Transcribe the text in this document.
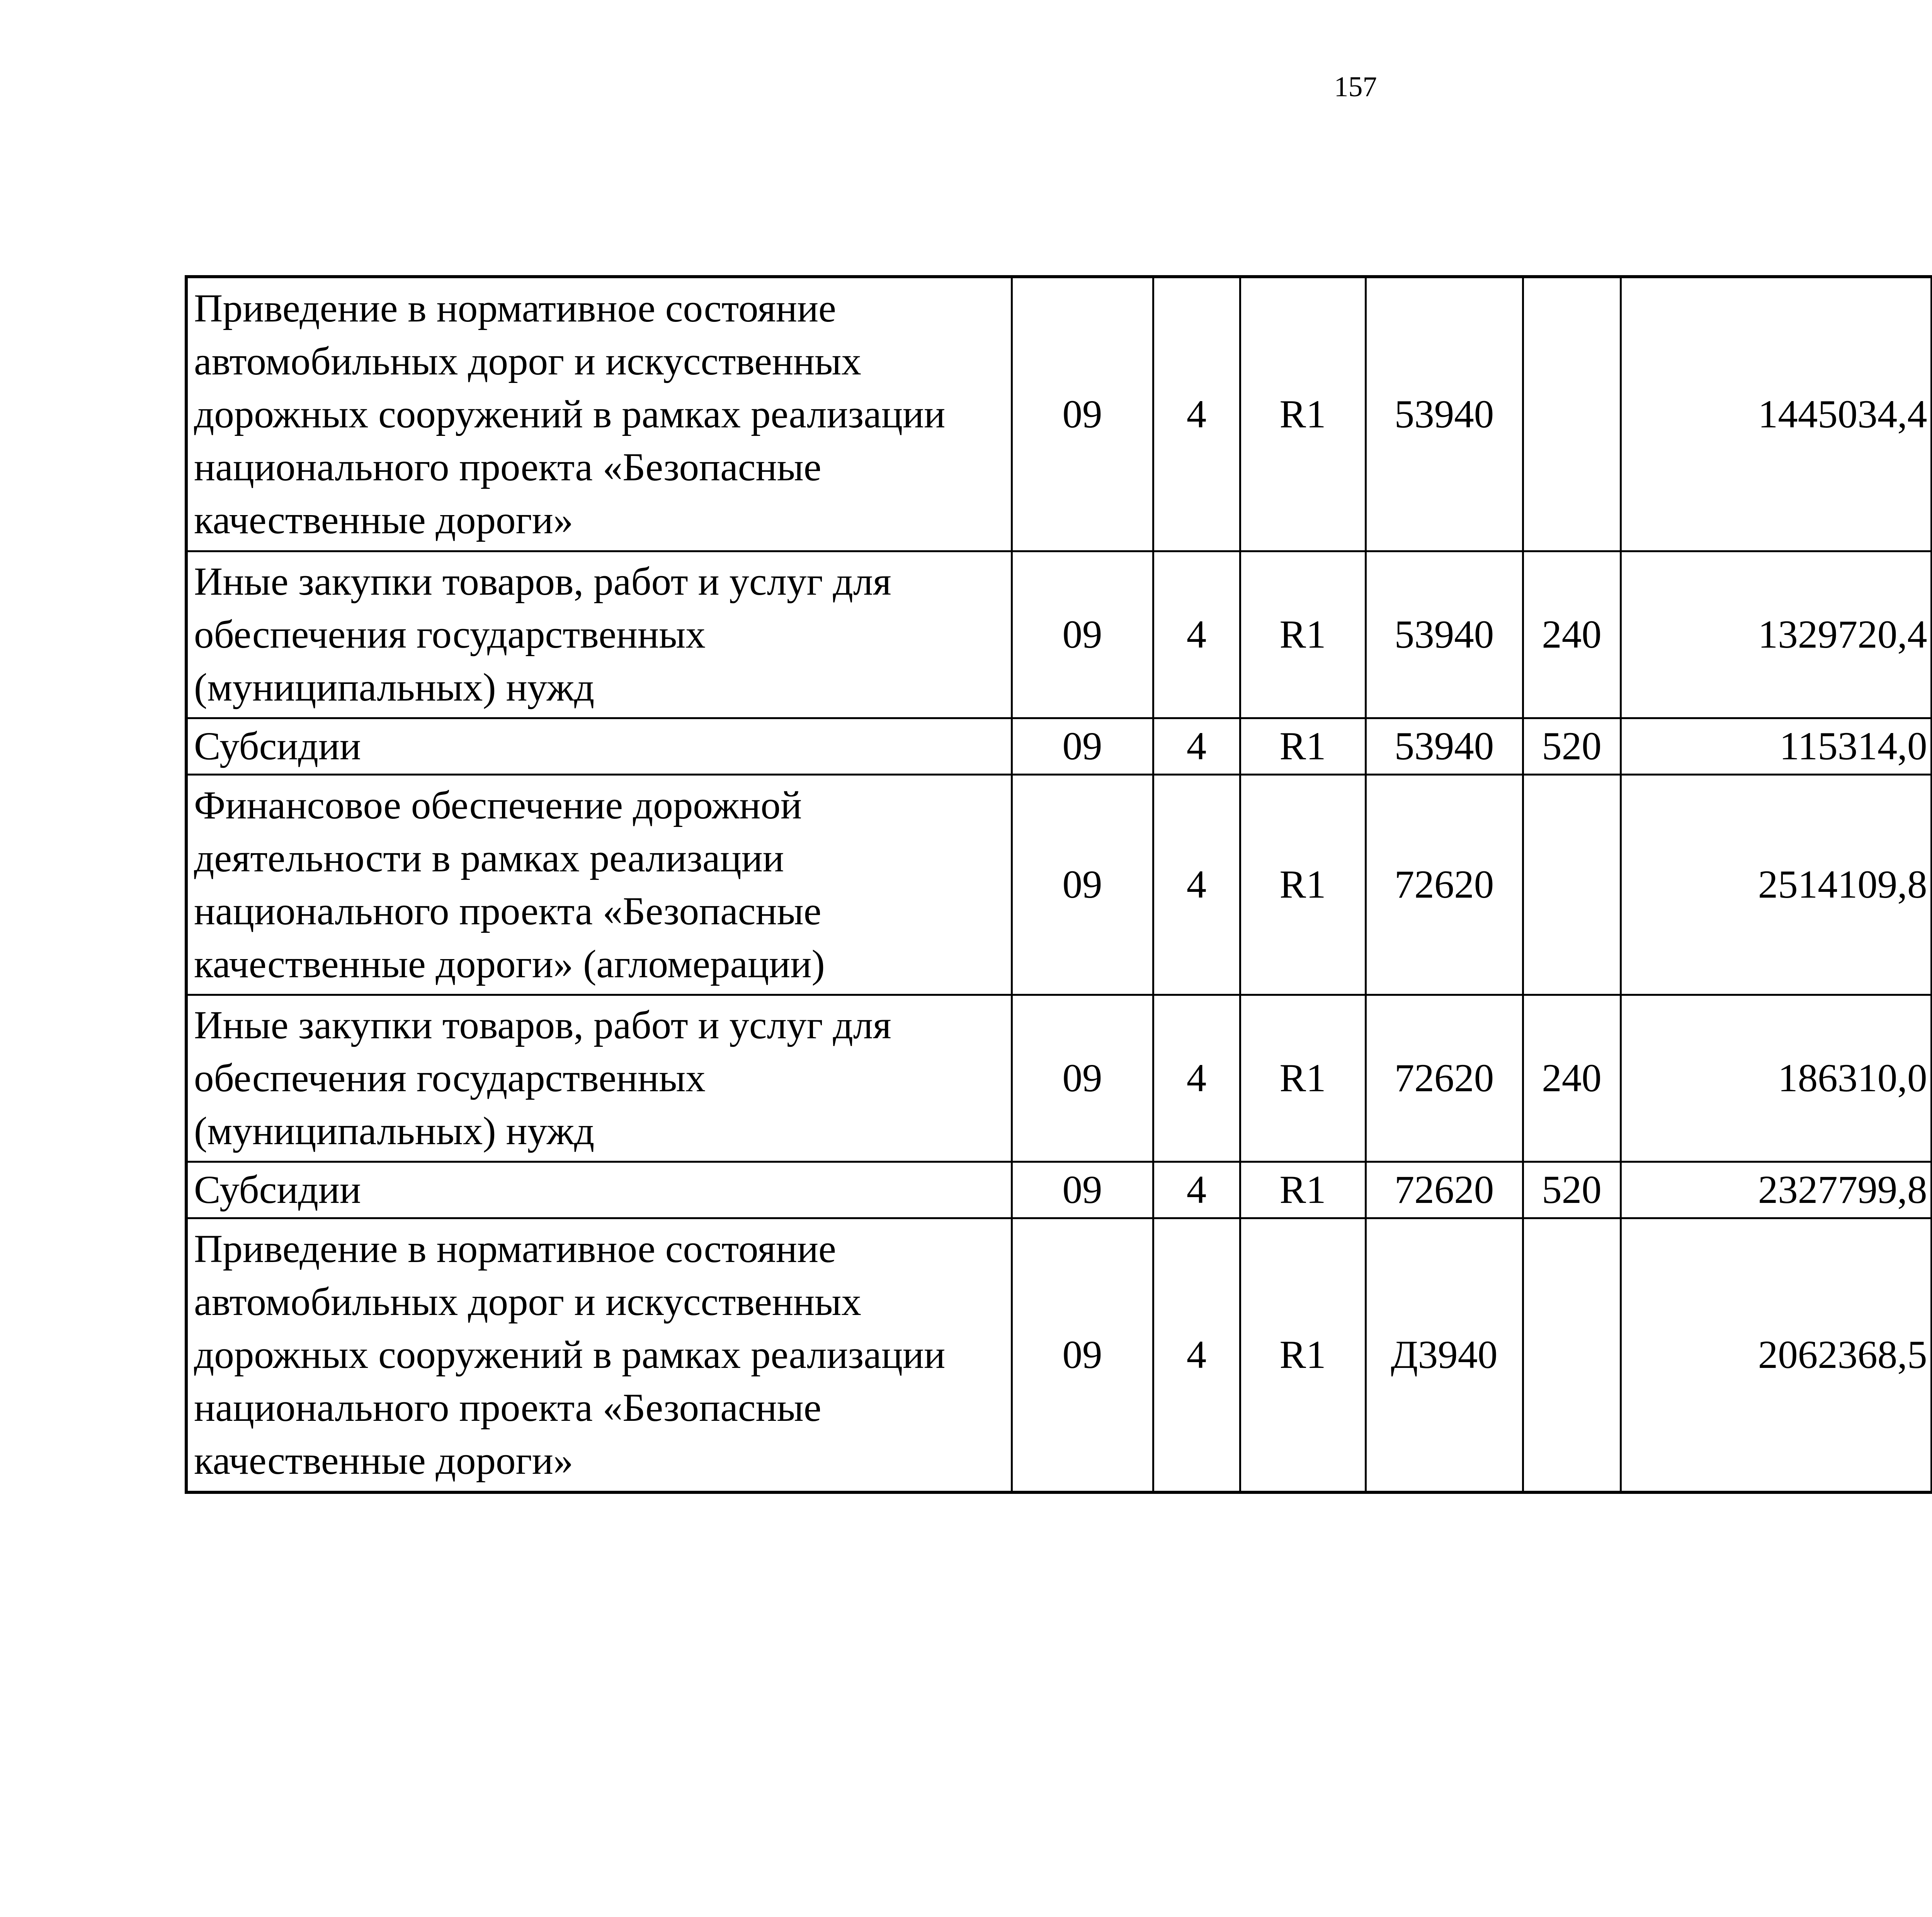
157
Приведение в нормативное состояние автомобильных дорог и искусственных дорожных сооружений в рамках реализации национального проекта «Безопасные качественные дороги»	09	4	R1	53940		1445034,4		
Иные закупки товаров, работ и услуг для обеспечения государственных (муниципальных) нужд	09	4	R1	53940	240	1329720,4		
Субсидии	09	4	R1	53940	520	115314,0		
Финансовое обеспечение дорожной деятельности в рамках реализации национального проекта «Безопасные качественные дороги» (агломерации)	09	4	R1	72620		2514109,8		
Иные закупки товаров, работ и услуг для обеспечения государственных (муниципальных) нужд	09	4	R1	72620	240	186310,0		
Субсидии	09	4	R1	72620	520	2327799,8		
Приведение в нормативное состояние автомобильных дорог и искусственных дорожных сооружений в рамках реализации национального проекта «Безопасные качественные дороги»	09	4	R1	Д3940		2062368,5		
